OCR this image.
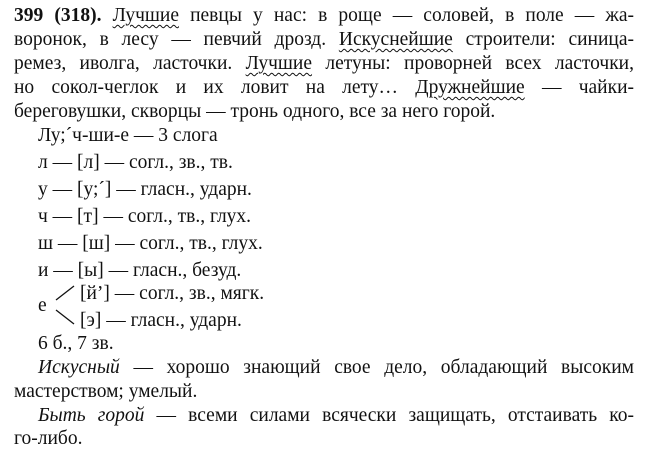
399 (318). Лучшие певцы у нас: в роще — соловей, в поле — жа-
воронок, в лесу — певчий дрозд. Искуснейшие строители: синица-
ремез, иволга, ласточки. Лучшие летуны: проворней всех ласточки,
но сокол-чеглок и их ловит на лету… Дружнейшие — чайки-
береговушки, скворцы — тронь одного, все за него горой.
Лу;´ч-ши-е — 3 слога
л — [л] — согл., зв., тв.
у — [у;´] — гласн., ударн.
ч — [т] — согл., тв., глух.
ш — [ш] — согл., тв., глух.
и — [ы] — гласн., безуд.
е
[й’] — согл., зв., мягк.
[э] — гласн., ударн.
6 б., 7 зв.
Искусный — хорошо знающий свое дело, обладающий высоким
мастерством; умелый.
Быть горой — всеми силами всячески защищать, отстаивать ко-
го-либо.
